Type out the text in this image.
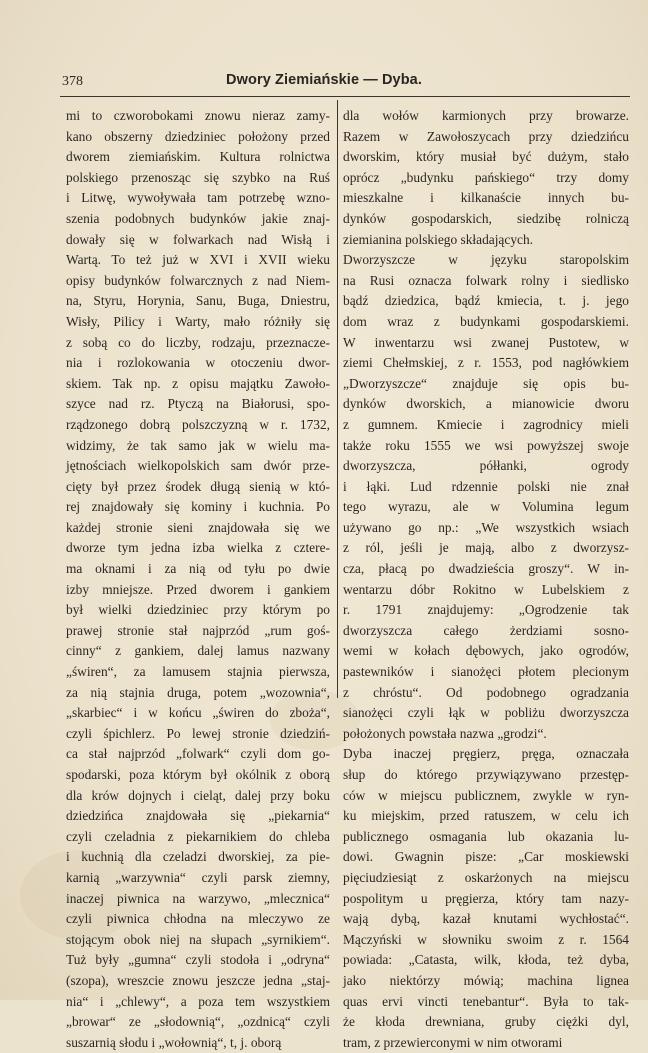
378	Dwory Ziemiańskie — Dyba.
mi to czworobokami znowu nieraz zamy-
kano obszerny dziedziniec położony przed
dworem ziemiańskim. Kultura rolnictwa
polskiego przenosząc się szybko na Ruś
i Litwę, wywoływała tam potrzebę wzno-
szenia podobnych budynków jakie znaj-
dowały się w folwarkach nad Wisłą i
Wartą. To też już w XVI i XVII wieku
opisy budynków folwarcznych z nad Niem-
na, Styru, Horynia, Sanu, Buga, Dniestru,
Wisły, Pilicy i Warty, mało różniły się
z sobą co do liczby, rodzaju, przeznacze-
nia i rozlokowania w otoczeniu dwor-
skiem. Tak np. z opisu majątku Zawoło-
szyce nad rz. Ptyczą na Białorusi, spo-
rządzonego dobrą polszczyzną w r. 1732,
widzimy, że tak samo jak w wielu ma-
jętnościach wielkopolskich sam dwór prze-
cięty był przez środek długą sienią w któ-
rej znajdowały się kominy i kuchnia. Po
każdej stronie sieni znajdowała się we
dworze tym jedna izba wielka z cztere-
ma oknami i za nią od tyłu po dwie
izby mniejsze. Przed dworem i gankiem
był wielki dziedziniec przy którym po
prawej stronie stał najprzód „rum goś-
cinny“ z gankiem, dalej lamus nazwany
„świren“, za lamusem stajnia pierwsza,
za nią stajnia druga, potem „wozownia“,
„skarbiec“ i w końcu „świren do zboża“,
czyli śpichlerz. Po lewej stronie dziedziń-
ca stał najprzód „folwark“ czyli dom go-
spodarski, poza którym był okólnik z oborą
dla krów dojnych i cieląt, dalej przy boku
dziedzińca znajdowała się „piekarnia“
czyli czeladnia z piekarnikiem do chleba
i kuchnią dla czeladzi dworskiej, za pie-
karnią „warzywnia“ czyli parsk ziemny,
inaczej piwnica na warzywo, „mlecznica“
czyli piwnica chłodna na mleczywo ze
stojącym obok niej na słupach „syrnikiem“.
Tuż były „gumna“ czyli stodoła i „odryna“
(szopa), wreszcie znowu jeszcze jedna „staj-
nia“ i „chlewy“, a poza tem wszystkiem
„browar“ ze „słodownią“, „ozdnicą“ czyli
suszarnią słodu i „wołownią“, t, j. oborą
dla wołów karmionych przy browarze.
Razem w Zawołoszycach przy dziedzińcu
dworskim, który musiał być dużym, stało
oprócz „budynku pańskiego“ trzy domy
mieszkalne i kilkanaście innych bu-
dynków gospodarskich, siedzibę rolniczą
ziemianina polskiego składających.
Dworzyszcze w języku staropolskim
na Rusi oznacza folwark rolny i siedlisko
bądź dziedzica, bądź kmiecia, t. j. jego
dom wraz z budynkami gospodarskiemi.
W inwentarzu wsi zwanej Pustotew, w
ziemi Chełmskiej, z r. 1553, pod nagłówkiem
„Dworzyszcze“ znajduje się opis bu-
dynków dworskich, a mianowicie dworu
z gumnem. Kmiecie i zagrodnicy mieli
także roku 1555 we wsi powyższej swoje
dworzyszcza, półłanki, ogrody
i łąki. Lud rdzennie polski nie znał
tego wyrazu, ale w Volumina legum
używano go np.: „We wszystkich wsiach
z ról, jeśli je mają, albo z dworzysz-
cza, płacą po dwadzieścia groszy“. W in-
wentarzu dóbr Rokitno w Lubelskiem z
r. 1791 znajdujemy: „Ogrodzenie tak
dworzyszcza całego żerdziami sosno-
wemi w kołach dębowych, jako ogrodów,
pastewników i sianożęci płotem plecionym
z chróstu“. Od podobnego ogradzania
sianożęci czyli łąk w pobliżu dworzyszcza
położonych powstała nazwa „grodzi“.
Dyba inaczej pręgierz, pręga, oznaczała
słup do którego przywiązywano przestęp-
ców w miejscu publicznem, zwykle w ryn-
ku miejskim, przed ratuszem, w celu ich
publicznego osmagania lub okazania lu-
dowi. Gwagnin pisze: „Car moskiewski
pięciudziesiąt z oskarżonych na miejscu
pospolitym u pręgierza, który tam nazy-
wają dybą, kazał knutami wychłostać“.
Mączyński w słowniku swoim z r. 1564
powiada: „Catasta, wilk, kłoda, też dyba,
jako niektórzy mówią; machina lignea
quas ervi vincti tenebantur“. Była to tak-
że kłoda drewniana, gruby ciężki dyl,
tram, z przewierconymi w nim otworami
